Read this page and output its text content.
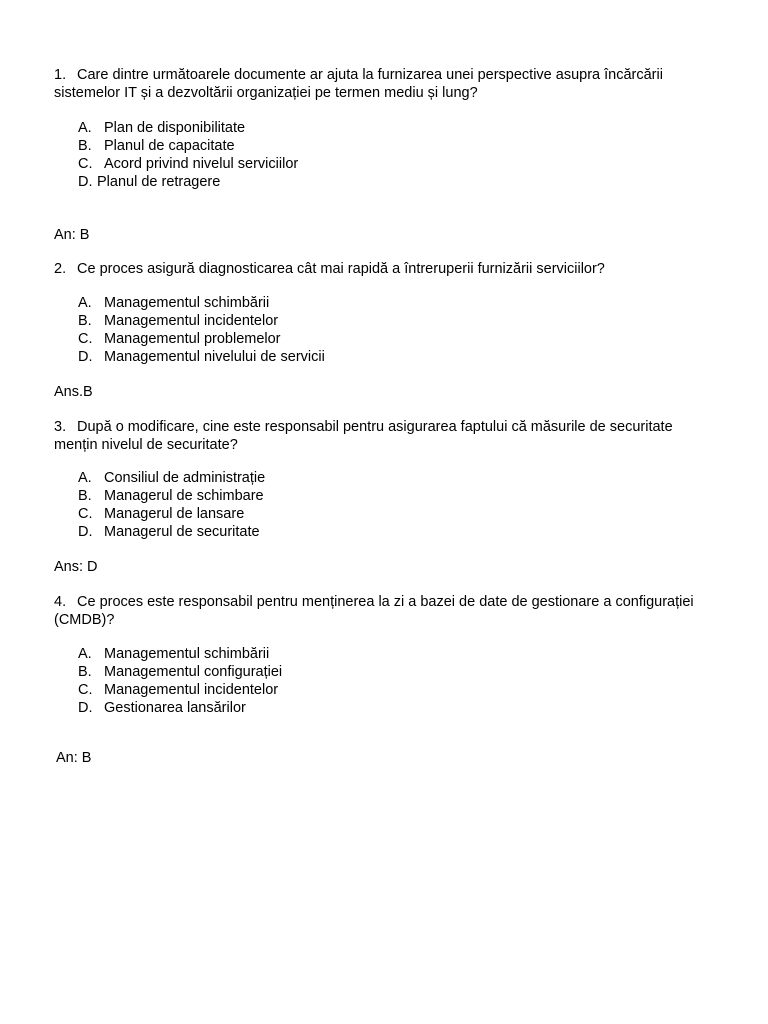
1. Care dintre următoarele documente ar ajuta la furnizarea unei perspective asupra încărcării
sistemelor IT și a dezvoltării organizației pe termen mediu și lung?
A. Plan de disponibilitate
B. Planul de capacitate
C. Acord privind nivelul serviciilor
D. Planul de retragere
An: B
2. Ce proces asigură diagnosticarea cât mai rapidă a întreruperii furnizării serviciilor?
A. Managementul schimbării
B. Managementul incidentelor
C. Managementul problemelor
D. Managementul nivelului de servicii
Ans.B
3. După o modificare, cine este responsabil pentru asigurarea faptului că măsurile de securitate
mențin nivelul de securitate?
A. Consiliul de administrație
B. Managerul de schimbare
C. Managerul de lansare
D. Managerul de securitate
Ans: D
4. Ce proces este responsabil pentru menținerea la zi a bazei de date de gestionare a configurației
(CMDB)?
A. Managementul schimbării
B. Managementul configurației
C. Managementul incidentelor
D. Gestionarea lansărilor
An: B
